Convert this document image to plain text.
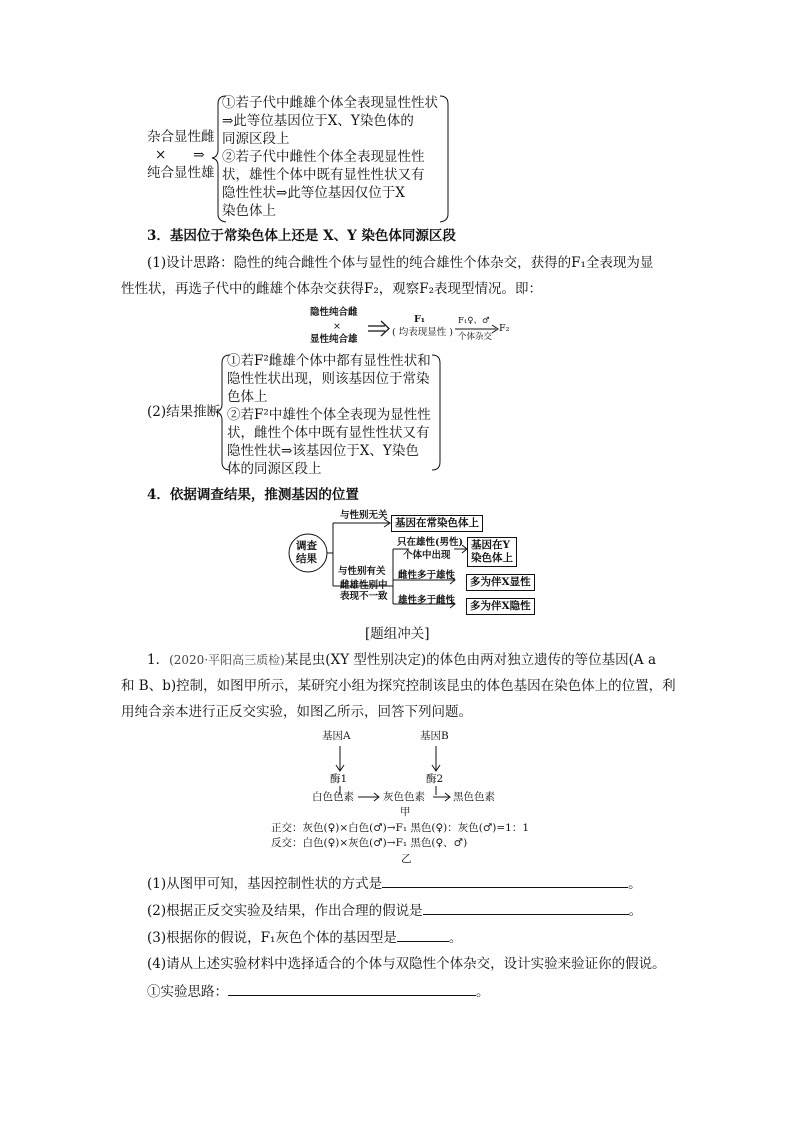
杂合显性雌
×　　⇒
纯合显性雄
①若子代中雌雄个体全表现显性性状
⇒此等位基因位于X、Y染色体的
同源区段上
②若子代中雌性个体全表现显性性
状，雄性个体中既有显性性状又有
隐性性状⇒此等位基因仅位于X
染色体上
3．基因位于常染色体上还是 X、Y 染色体同源区段
(1)设计思路：隐性的纯合雌性个体与显性的纯合雄性个体杂交，获得的F₁全表现为显
性性状，再选子代中的雌雄个体杂交获得F₂，观察F₂表现型情况。即：
隐性纯合雌
×
显性纯合雄
F₁
( 均表现显性 )
F₁♀、♂
个体杂交
F₂
(2)结果推断
①若F²雌雄个体中都有显性性状和
隐性性状出现，则该基因位于常染
色体上
②若F²中雄性个体全表现为显性性
状，雌性个体中既有显性性状又有
隐性性状⇒该基因位于X、Y染色
体的同源区段上
4．依据调查结果，推测基因的位置
调查
结果
与性别无关
基因在常染色体上
与性别有关
雌雄性别中
表现不一致
只在雄性(男性)
个体中出现
基因在Y
染色体上
雌性多于雄性
多为伴X显性
雄性多于雌性	多为伴X隐性
[题组冲关]
1．(2020·平阳高三质检)某昆虫(XY 型性别决定)的体色由两对独立遗传的等位基因(A a
和 B、b)控制，如图甲所示，某研究小组为探究控制该昆虫的体色基因在染色体上的位置，利
用纯合亲本进行正反交实验，如图乙所示，回答下列问题。
基因A	基因B
酶1	酶2
白色色素	灰色色素	黑色色素
甲
正交：灰色(♀)×白色(♂)→F₁ 黑色(♀)：灰色(♂)=1：1
反交：白色(♀)×灰色(♂)→F₁ 黑色(♀、♂)
乙
(1)从图甲可知，基因控制性状的方式是	。
(2)根据正反交实验及结果，作出合理的假说是	。
(3)根据你的假说，F₁灰色个体的基因型是	。
(4)请从上述实验材料中选择适合的个体与双隐性个体杂交，设计实验来验证你的假说。
①实验思路：	。
